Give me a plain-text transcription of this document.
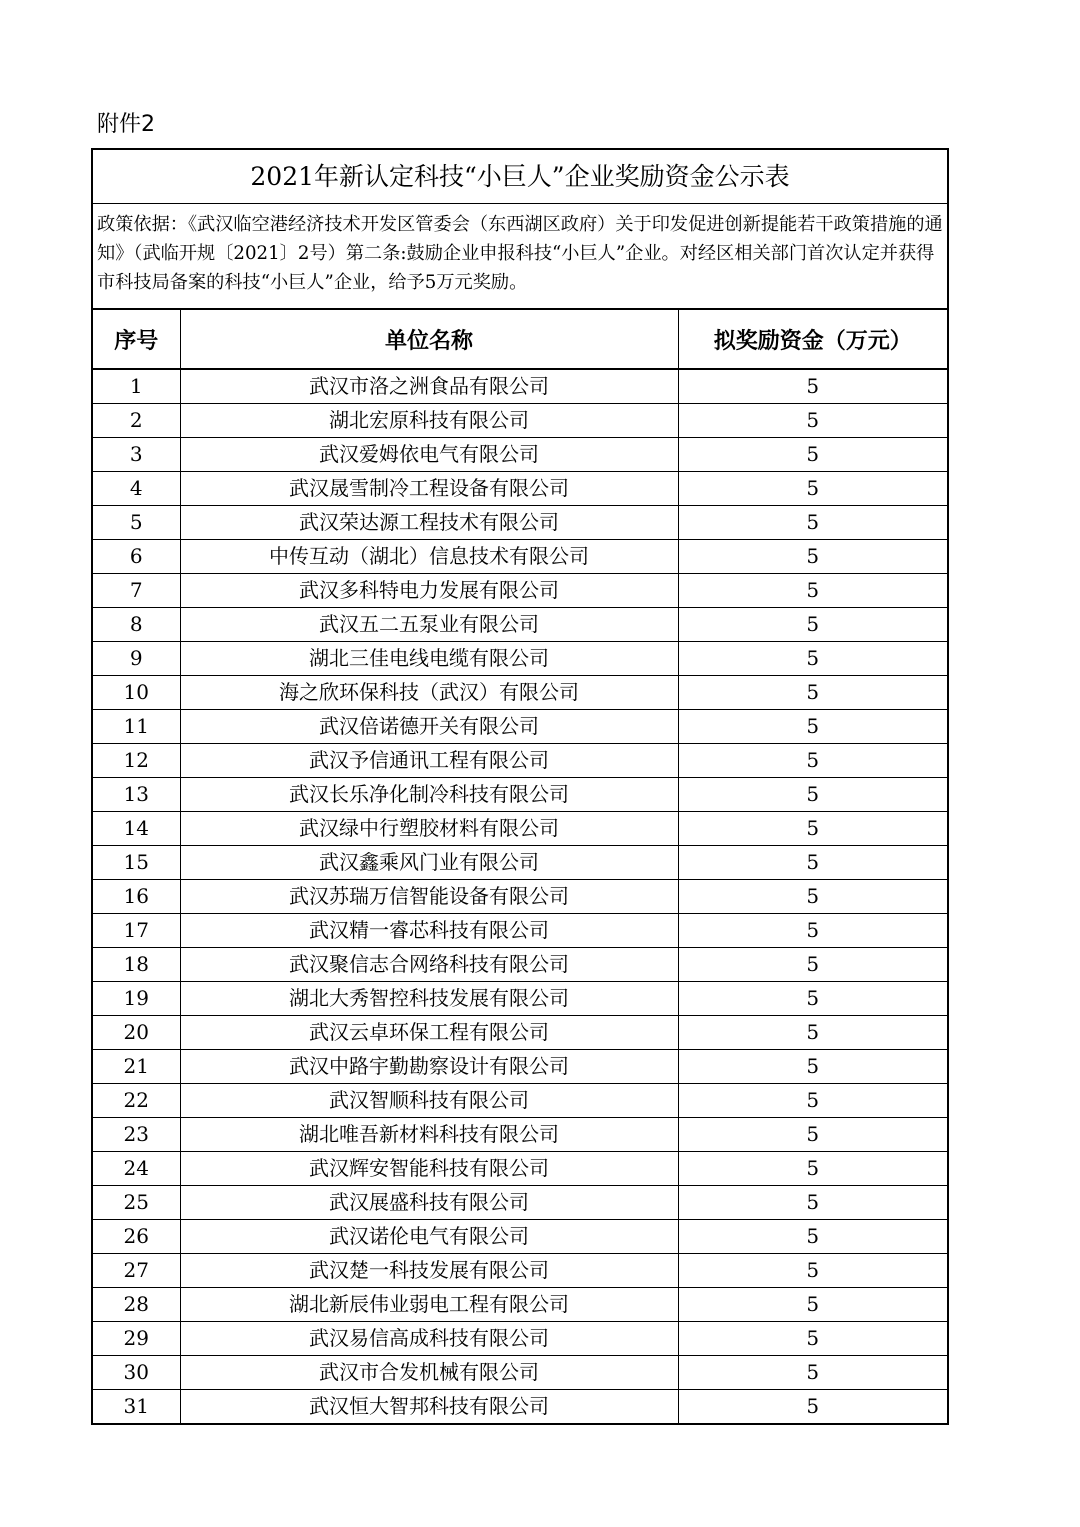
附件2
2021年新认定科技“小巨人”企业奖励资金公示表
政策依据：《武汉临空港经济技术开发区管委会（东西湖区政府）关于印发促进创新提能若干政策措施的通知》（武临开规〔2021〕2号）第二条:鼓励企业申报科技“小巨人”企业。对经区相关部门首次认定并获得市科技局备案的科技“小巨人”企业，给予5万元奖励。
序号	单位名称	拟奖励资金（万元）
1	武汉市洛之洲食品有限公司	5
2	湖北宏原科技有限公司	5
3	武汉爱姆依电气有限公司	5
4	武汉晟雪制冷工程设备有限公司	5
5	武汉荣达源工程技术有限公司	5
6	中传互动（湖北）信息技术有限公司	5
7	武汉多科特电力发展有限公司	5
8	武汉五二五泵业有限公司	5
9	湖北三佳电线电缆有限公司	5
10	海之欣环保科技（武汉）有限公司	5
11	武汉倍诺德开关有限公司	5
12	武汉予信通讯工程有限公司	5
13	武汉长乐净化制冷科技有限公司	5
14	武汉绿中行塑胶材料有限公司	5
15	武汉鑫乘风门业有限公司	5
16	武汉苏瑞万信智能设备有限公司	5
17	武汉精一睿芯科技有限公司	5
18	武汉聚信志合网络科技有限公司	5
19	湖北大秀智控科技发展有限公司	5
20	武汉云卓环保工程有限公司	5
21	武汉中路宇勤勘察设计有限公司	5
22	武汉智顺科技有限公司	5
23	湖北唯吾新材料科技有限公司	5
24	武汉辉安智能科技有限公司	5
25	武汉展盛科技有限公司	5
26	武汉诺伦电气有限公司	5
27	武汉楚一科技发展有限公司	5
28	湖北新辰伟业弱电工程有限公司	5
29	武汉易信高成科技有限公司	5
30	武汉市合发机械有限公司	5
31	武汉恒大智邦科技有限公司	5
